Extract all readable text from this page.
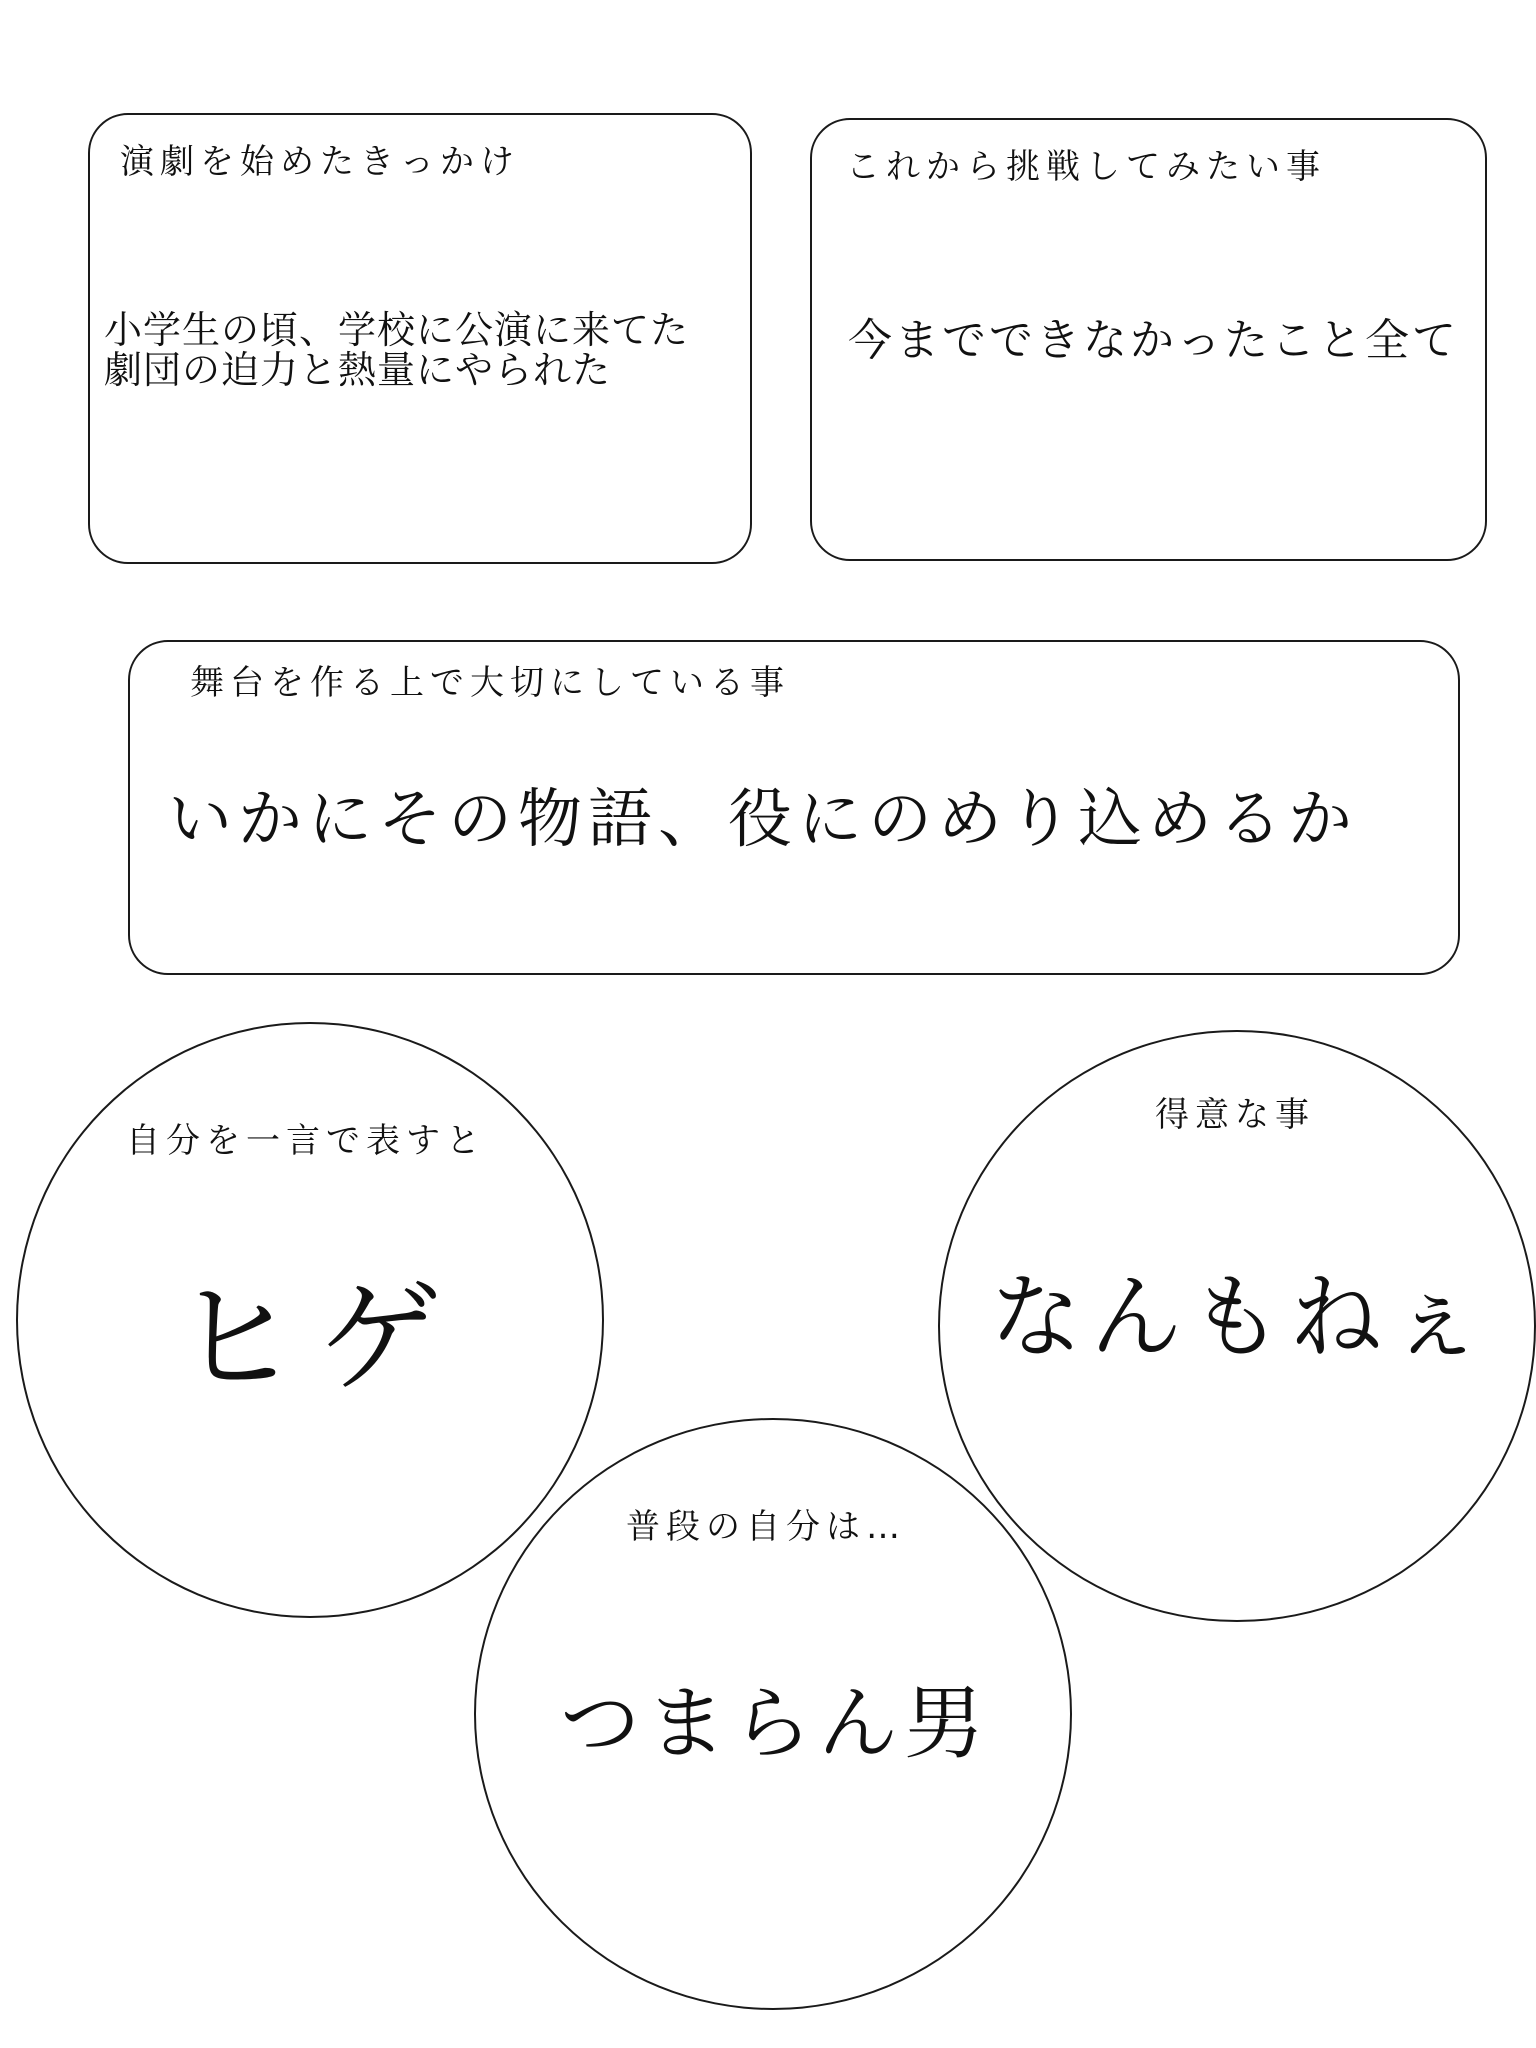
演劇を始めたきっかけ
小学生の頃、学校に公演に来てた
劇団の迫力と熱量にやられた
これから挑戦してみたい事
今までできなかったこと全て
舞台を作る上で大切にしている事
いかにその物語、役にのめり込めるか
自分を一言で表すと
ヒゲ
得意な事
なんもねぇ
普段の自分は…
つまらん男
